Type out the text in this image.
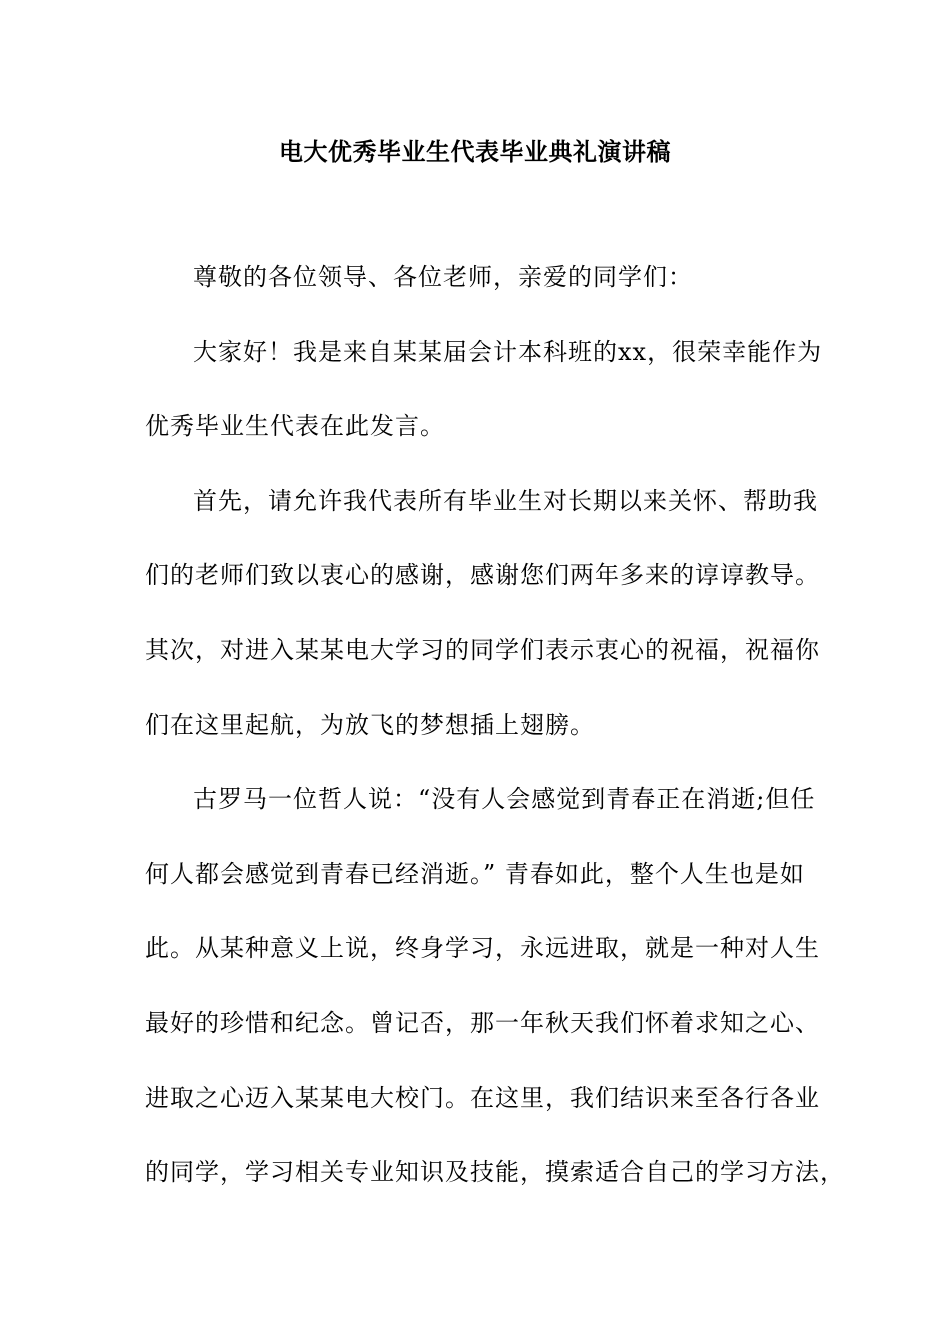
电大优秀毕业生代表毕业典礼演讲稿
尊敬的各位领导、各位老师，亲爱的同学们：
大家好！我是来自某某届会计本科班的xx，很荣幸能作为
优秀毕业生代表在此发言。
首先，请允许我代表所有毕业生对长期以来关怀、帮助我
们的老师们致以衷心的感谢，感谢您们两年多来的谆谆教导。
其次，对进入某某电大学习的同学们表示衷心的祝福，祝福你
们在这里起航，为放飞的梦想插上翅膀。
古罗马一位哲人说：“没有人会感觉到青春正在消逝;但任
何人都会感觉到青春已经消逝。” 青春如此，整个人生也是如
此。从某种意义上说，终身学习，永远进取，就是一种对人生
最好的珍惜和纪念。曾记否，那一年秋天我们怀着求知之心、
进取之心迈入某某电大校门。在这里，我们结识来至各行各业
的同学，学习相关专业知识及技能，摸索适合自己的学习方法，
